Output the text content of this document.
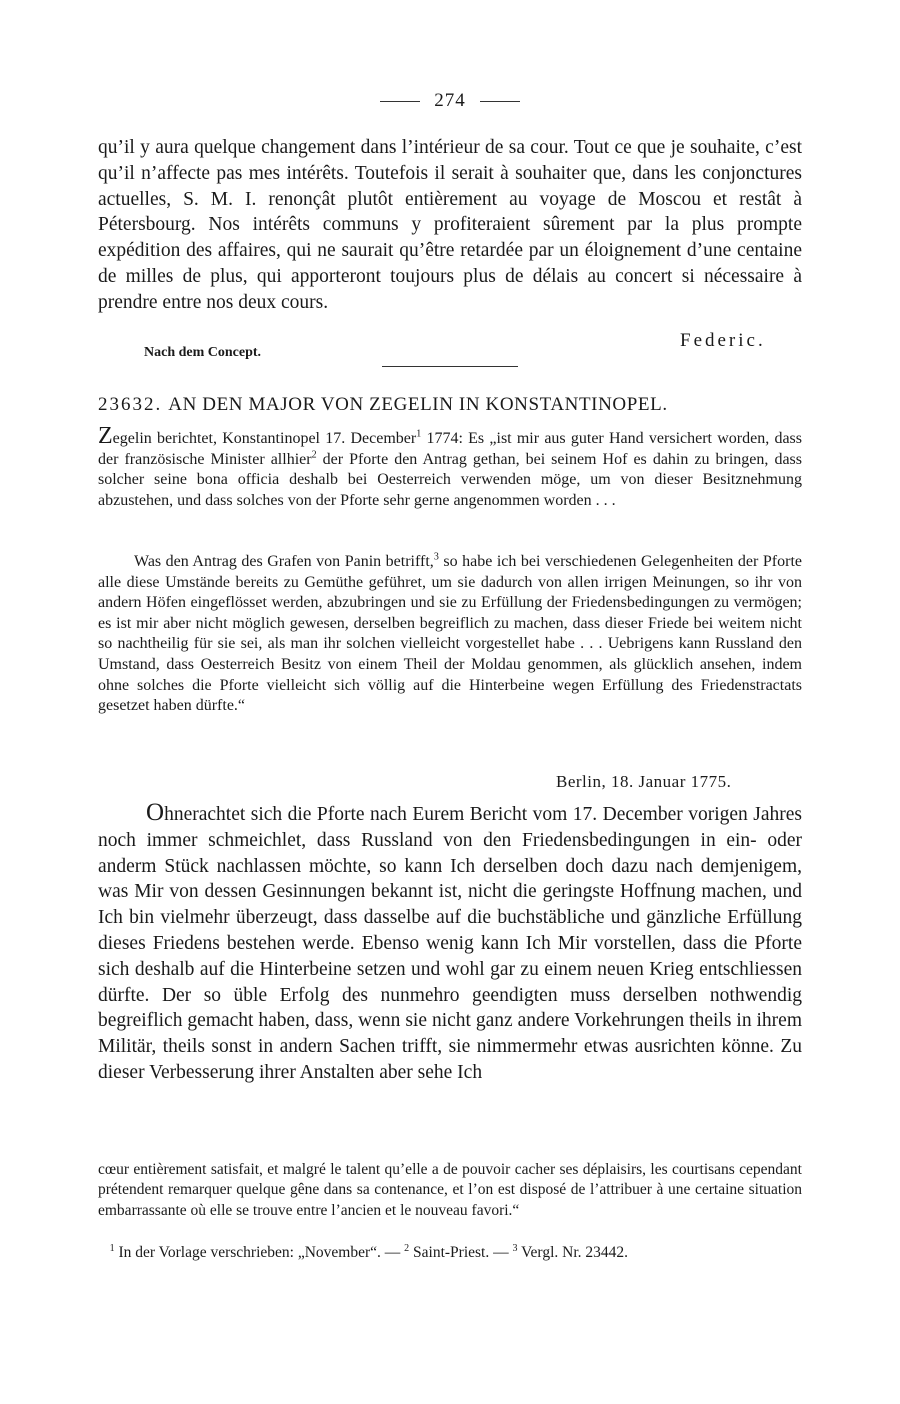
274
qu’il y aura quelque changement dans l’intérieur de sa cour. Tout ce que je souhaite, c’est qu’il n’affecte pas mes intérêts. Toutefois il serait à souhaiter que, dans les conjonctures actuelles, S. M. I. renonçât plutôt entièrement au voyage de Moscou et restât à Pétersbourg. Nos intérêts communs y profiteraient sûrement par la plus prompte expédition des affaires, qui ne saurait qu’être retardée par un éloignement d’une centaine de milles de plus, qui apporteront toujours plus de délais au concert si nécessaire à prendre entre nos deux cours.
Federic.
Nach dem Concept.
23632. AN DEN MAJOR VON ZEGELIN IN KONSTANTINOPEL.
Zegelin berichtet, Konstantinopel 17. December$^1$ 1774: Es „ist mir aus guter Hand versichert worden, dass der französische Minister allhier$^2$ der Pforte den Antrag gethan, bei seinem Hof es dahin zu bringen, dass solcher seine bona officia deshalb bei Oesterreich verwenden möge, um von dieser Besitznehmung abzustehen, und dass solches von der Pforte sehr gerne angenommen worden . . .
Was den Antrag des Grafen von Panin betrifft,$^3$ so habe ich bei verschiedenen Gelegenheiten der Pforte alle diese Umstände bereits zu Gemüthe geführet, um sie dadurch von allen irrigen Meinungen, so ihr von andern Höfen eingeflösset werden, abzubringen und sie zu Erfüllung der Friedensbedingungen zu vermögen; es ist mir aber nicht möglich gewesen, derselben begreiflich zu machen, dass dieser Friede bei weitem nicht so nachtheilig für sie sei, als man ihr solchen vielleicht vorgestellet habe . . . Uebrigens kann Russland den Umstand, dass Oesterreich Besitz von einem Theil der Moldau genommen, als glücklich ansehen, indem ohne solches die Pforte vielleicht sich völlig auf die Hinterbeine wegen Erfüllung des Friedenstractats gesetzet haben dürfte.“
Berlin, 18. Januar 1775.
Ohnerachtet sich die Pforte nach Eurem Bericht vom 17. December vorigen Jahres noch immer schmeichlet, dass Russland von den Friedensbedingungen in ein- oder anderm Stück nachlassen möchte, so kann Ich derselben doch dazu nach demjenigem, was Mir von dessen Gesinnungen bekannt ist, nicht die geringste Hoffnung machen, und Ich bin vielmehr überzeugt, dass dasselbe auf die buchstäbliche und gänzliche Erfüllung dieses Friedens bestehen werde. Ebenso wenig kann Ich Mir vorstellen, dass die Pforte sich deshalb auf die Hinterbeine setzen und wohl gar zu einem neuen Krieg entschliessen dürfte. Der so üble Erfolg des nunmehro geendigten muss derselben nothwendig begreiflich gemacht haben, dass, wenn sie nicht ganz andere Vorkehrungen theils in ihrem Militär, theils sonst in andern Sachen trifft, sie nimmermehr etwas ausrichten könne. Zu dieser Verbesserung ihrer Anstalten aber sehe Ich
cœur entièrement satisfait, et malgré le talent qu’elle a de pouvoir cacher ses déplaisirs, les courtisans cependant prétendent remarquer quelque gêne dans sa contenance, et l’on est disposé de l’attribuer à une certaine situation embarrassante où elle se trouve entre l’ancien et le nouveau favori.“
$^1$ In der Vorlage verschrieben: „November“. — $^2$ Saint-Priest. — $^3$ Vergl. Nr. 23442.
